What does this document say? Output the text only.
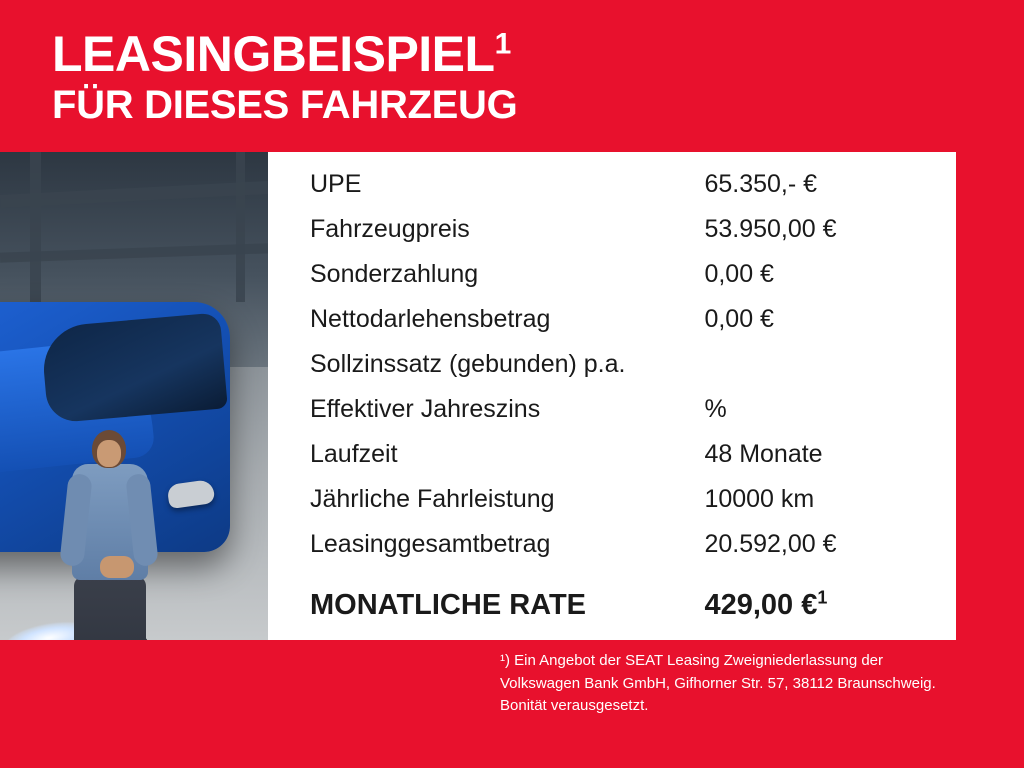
LEASINGBEISPIEL$^1$
FÜR DIESES FAHRZEUG
UPE	65.350,- €
Fahrzeugpreis	53.950,00 €
Sonderzahlung	0,00 €
Nettodarlehensbetrag	0,00 €
Sollzinssatz (gebunden) p.a.	
Effektiver Jahreszins	%
Laufzeit	48 Monate
Jährliche Fahrleistung	10000 km
Leasinggesamtbetrag	20.592,00 €
MONATLICHE RATE	429,00 €$^1$
¹) Ein Angebot der SEAT Leasing Zweigniederlassung der Volkswagen Bank GmbH, Gifhorner Str. 57, 38112 Braunschweig. Bonität verausgesetzt.
